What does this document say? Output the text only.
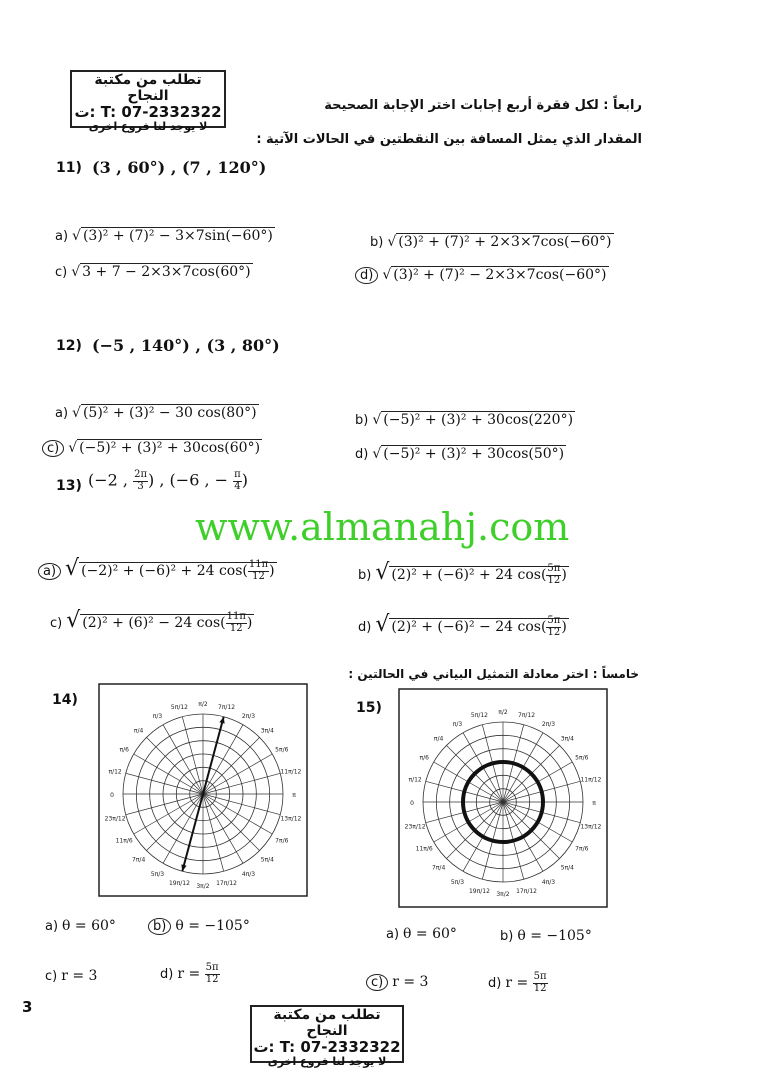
تطلب من مكتبة النجاح
ت: T: 07-2332322
لا يوجد لنا فروع اخرى
رابعاً : لكل فقرة أربع إجابات اختر الإجابة الصحيحة
المقدار الذي يمثل المسافة بين النقطتين في الحالات الآتية :
11) (3 , 60°) , (7 , 120°)
a) √ (3)² + (7)² − 3×7sin(−60°)	b) √ (3)² + (7)² + 2×3×7cos(−60°)
c) √ 3 + 7 − 2×3×7cos(60°)	d) √ (3)² + (7)² − 2×3×7cos(−60°)
12) (−5 , 140°) , (3 , 80°)
a) √ (5)² + (3)² − 30 cos(80°)	b) √ (−5)² + (3)² + 30cos(220°)
c) √ (−5)² + (3)² + 30cos(60°)	d) √ (−5)² + (3)² + 30cos(50°)
13) (−2 , $\frac{2\pi}{3}$ ) , (−6 , − $\frac{\pi}{4}$ )
www.almanahj.com
a) √ (−2)² + (−6)² + 24 $\cos( \frac{11\pi}{12}$ )	b) √ (2)² + (−6)² + 24 $\cos( \frac{5\pi}{12}$ )
c) √ (2)² + (6)² − 24 $\cos( \frac{11\pi}{12}$ )	d) √ (2)² + (−6)² − 24 $\cos( \frac{5\pi}{12}$ )
خامساً : اختر معادلة التمثيل البياني في الحالتين :
14)	π/2
5π/12
π/3
π/4
π/6
π/12
0
23π/12
11π/6
7π/4
5π/3
19π/12 3π/2 17π/12
4π/3
5π/4
7π/6
13π/12
π
11π/12
5π/6
3π/4
2π/3
7π/12	15)	π/2
5π/12
π/3
π/4
π/6
π/12
0
23π/12
11π/6
7π/4
5π/3
19π/12 3π/2 17π/12
4π/3
5π/4
7π/6
13π/12
π
11π/12
5π/6
3π/4
2π/3
7π/12
a) θ = 60°	b) θ = −105°
c) r = 3	d) $r = \frac{5\pi}{12}$
a) θ = 60°	b) θ = −105°
c) r = 3	d) $r = \frac{5\pi}{12}$
3	تطلب من مكتبة النجاح
ت: T: 07-2332322
لا يوجد لنا فروع اخرى
